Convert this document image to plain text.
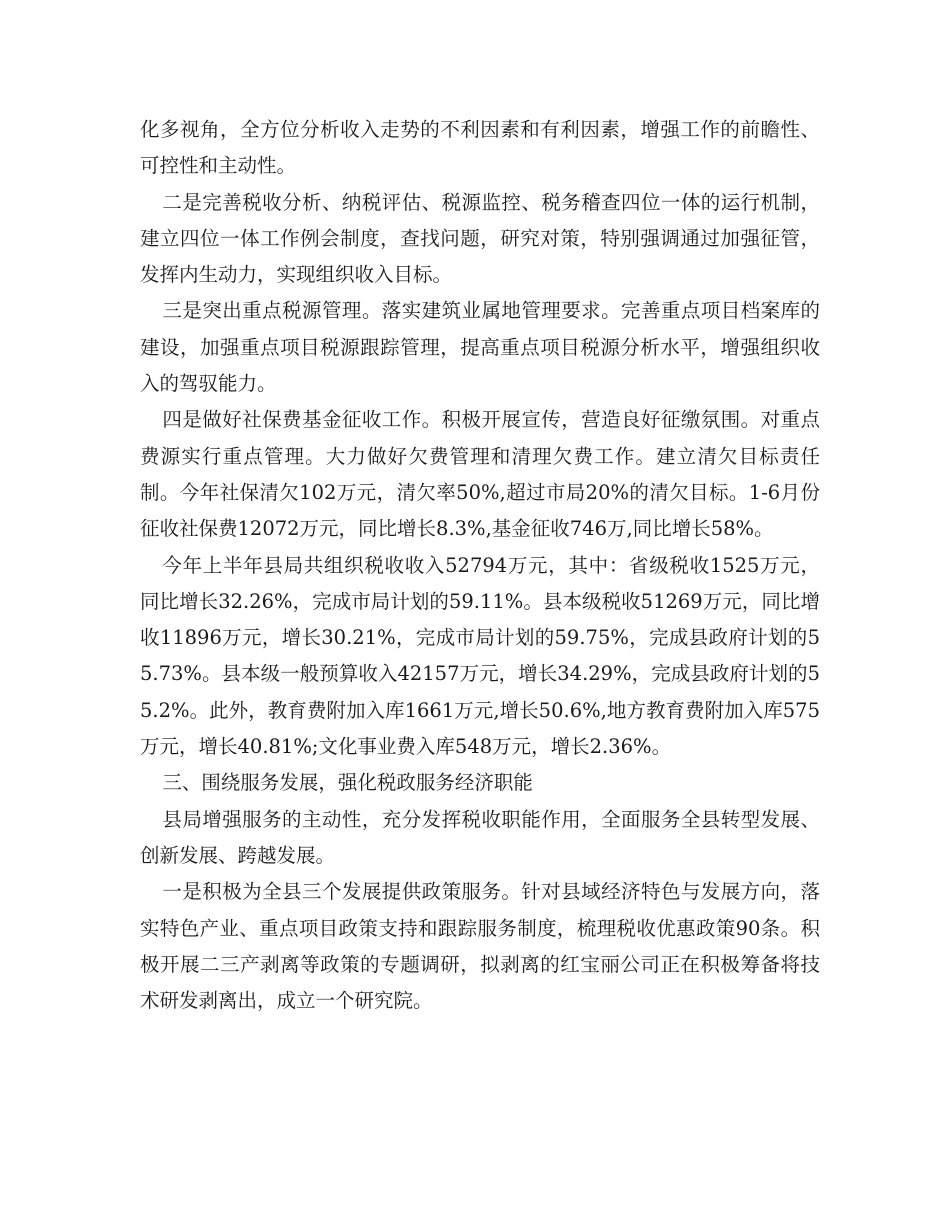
化多视角，全方位分析收入走势的不利因素和有利因素，增强工作的前瞻性、可控性和主动性。

二是完善税收分析、纳税评估、税源监控、税务稽查四位一体的运行机制，建立四位一体工作例会制度，查找问题，研究对策，特别强调通过加强征管，发挥内生动力，实现组织收入目标。

三是突出重点税源管理。落实建筑业属地管理要求。完善重点项目档案库的建设，加强重点项目税源跟踪管理，提高重点项目税源分析水平，增强组织收入的驾驭能力。

四是做好社保费基金征收工作。积极开展宣传，营造良好征缴氛围。对重点费源实行重点管理。大力做好欠费管理和清理欠费工作。建立清欠目标责任制。今年社保清欠102万元，清欠率50%,超过市局20%的清欠目标。1-6月份征收社保费12072万元，同比增长8.3%,基金征收746万,同比增长58%。

今年上半年县局共组织税收收入52794万元，其中：省级税收1525万元，同比增长32.26%，完成市局计划的59.11%。县本级税收51269万元，同比增收11896万元，增长30.21%，完成市局计划的59.75%，完成县政府计划的55.73%。县本级一般预算收入42157万元，增长34.29%，完成县政府计划的55.2%。此外，教育费附加入库1661万元,增长50.6%,地方教育费附加入库575万元，增长40.81%;文化事业费入库548万元，增长2.36%。

三、围绕服务发展，强化税政服务经济职能

县局增强服务的主动性，充分发挥税收职能作用，全面服务全县转型发展、创新发展、跨越发展。

一是积极为全县三个发展提供政策服务。针对县域经济特色与发展方向，落实特色产业、重点项目政策支持和跟踪服务制度，梳理税收优惠政策90条。积极开展二三产剥离等政策的专题调研，拟剥离的红宝丽公司正在积极筹备将技术研发剥离出，成立一个研究院。
